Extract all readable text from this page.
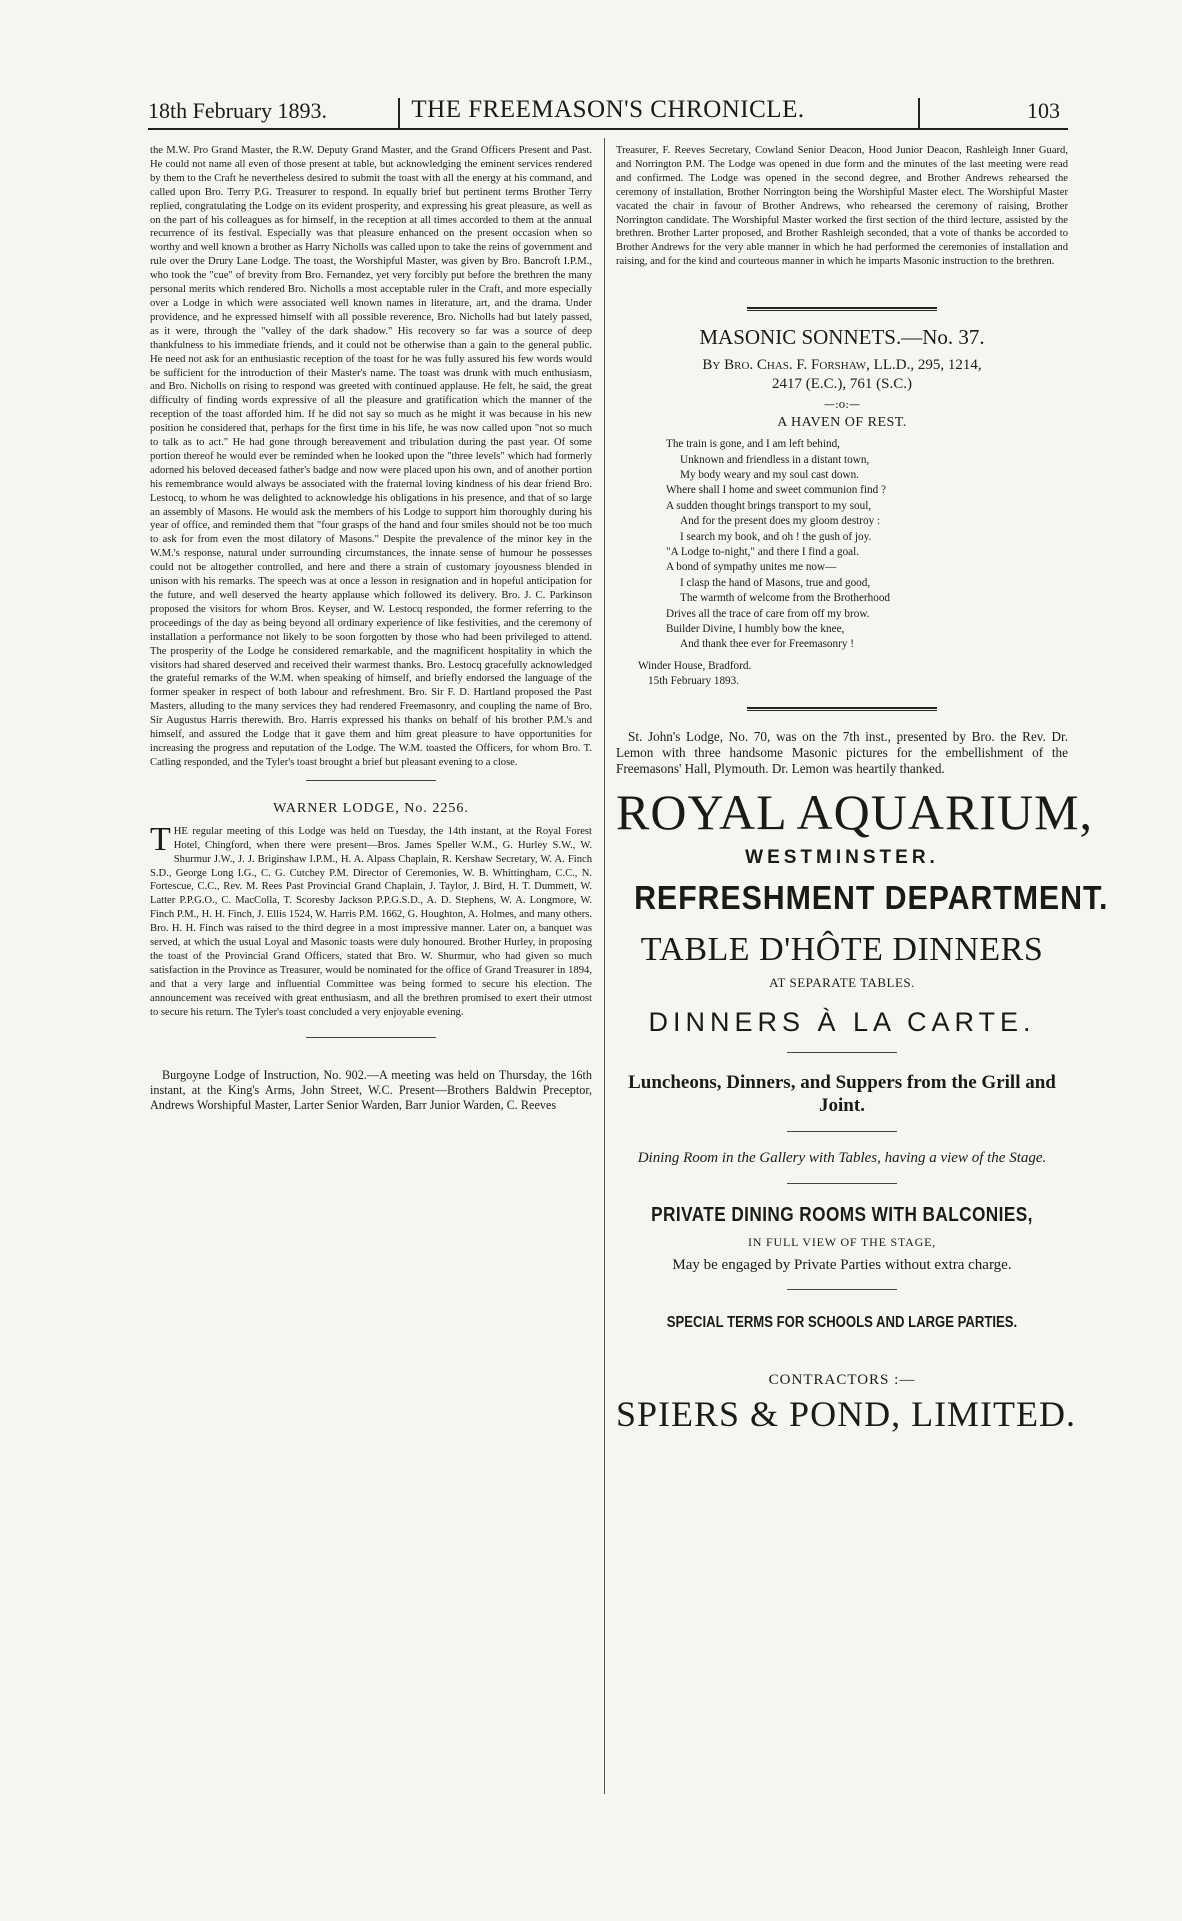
18th February 1893.	THE FREEMASON'S CHRONICLE.	103

the M.W. Pro Grand Master, the R.W. Deputy Grand Master, and the Grand Officers Present and Past. He could not name all even of those present at table, but acknowledging the eminent services rendered by them to the Craft he nevertheless desired to submit the toast with all the energy at his command, and called upon Bro. Terry P.G. Treasurer to respond. In equally brief but pertinent terms Brother Terry replied, congratulating the Lodge on its evident prosperity, and expressing his great pleasure, as well as on the part of his colleagues as for himself, in the reception at all times accorded to them at the annual recurrence of its festival. Especially was that pleasure enhanced on the present occasion when so worthy and well known a brother as Harry Nicholls was called upon to take the reins of government and rule over the Drury Lane Lodge. The toast, the Worshipful Master, was given by Bro. Bancroft I.P.M., who took the "cue" of brevity from Bro. Fernandez, yet very forcibly put before the brethren the many personal merits which rendered Bro. Nicholls a most acceptable ruler in the Craft, and more especially over a Lodge in which were associated well known names in literature, art, and the drama. Under providence, and he expressed himself with all possible reverence, Bro. Nicholls had but lately passed, as it were, through the "valley of the dark shadow." His recovery so far was a source of deep thankfulness to his immediate friends, and it could not be otherwise than a gain to the general public. He need not ask for an enthusiastic reception of the toast for he was fully assured his few words would be sufficient for the introduction of their Master's name. The toast was drunk with much enthusiasm, and Bro. Nicholls on rising to respond was greeted with continued applause. He felt, he said, the great difficulty of finding words expressive of all the pleasure and gratification which the manner of the reception of the toast afforded him. If he did not say so much as he might it was because in his new position he considered that, perhaps for the first time in his life, he was now called upon "not so much to talk as to act." He had gone through bereavement and tribulation during the past year. Of some portion thereof he would ever be reminded when he looked upon the "three levels" which had formerly adorned his beloved deceased father's badge and now were placed upon his own, and of another portion his remembrance would always be associated with the fraternal loving kindness of his dear friend Bro. Lestocq, to whom he was delighted to acknowledge his obligations in his presence, and that of so large an assembly of Masons. He would ask the members of his Lodge to support him thoroughly during his year of office, and reminded them that "four grasps of the hand and four smiles should not be too much to ask for from even the most dilatory of Masons." Despite the prevalence of the minor key in the W.M.'s response, natural under surrounding circumstances, the innate sense of humour he possesses could not be altogether controlled, and here and there a strain of customary joyousness blended in unison with his remarks. The speech was at once a lesson in resignation and in hopeful anticipation for the future, and well deserved the hearty applause which followed its delivery. Bro. J. C. Parkinson proposed the visitors for whom Bros. Keyser, and W. Lestocq responded, the former referring to the proceedings of the day as being beyond all ordinary experience of like festivities, and the ceremony of installation a performance not likely to be soon forgotten by those who had been privileged to attend. The prosperity of the Lodge he considered remarkable, and the magnificent hospitality in which the visitors had shared deserved and received their warmest thanks. Bro. Lestocq gracefully acknowledged the grateful remarks of the W.M. when speaking of himself, and briefly endorsed the language of the former speaker in respect of both labour and refreshment. Bro. Sir F. D. Hartland proposed the Past Masters, alluding to the many services they had rendered Freemasonry, and coupling the name of Bro. Sir Augustus Harris therewith. Bro. Harris expressed his thanks on behalf of his brother P.M.'s and himself, and assured the Lodge that it gave them and him great pleasure to have opportunities for increasing the progress and reputation of the Lodge. The W.M. toasted the Officers, for whom Bro. T. Catling responded, and the Tyler's toast brought a brief but pleasant evening to a close.

WARNER LODGE, No. 2256.
THE regular meeting of this Lodge was held on Tuesday, the 14th instant, at the Royal Forest Hotel, Chingford, when there were present—Bros. James Speller W.M., G. Hurley S.W., W. Shurmur J.W., J. J. Briginshaw I.P.M., H. A. Alpass Chaplain, R. Kershaw Secretary, W. A. Finch S.D., George Long I.G., C. G. Cutchey P.M. Director of Ceremonies, W. B. Whittingham, C.C., N. Fortescue, C.C., Rev. M. Rees Past Provincial Grand Chaplain, J. Taylor, J. Bird, H. T. Dummett, W. Latter P.P.G.O., C. MacColla, T. Scoresby Jackson P.P.G.S.D., A. D. Stephens, W. A. Longmore, W. Finch P.M., H. H. Finch, J. Ellis 1524, W. Harris P.M. 1662, G. Houghton, A. Holmes, and many others. Bro. H. H. Finch was raised to the third degree in a most impressive manner. Later on, a banquet was served, at which the usual Loyal and Masonic toasts were duly honoured. Brother Hurley, in proposing the toast of the Provincial Grand Officers, stated that Bro. W. Shurmur, who had given so much satisfaction in the Province as Treasurer, would be nominated for the office of Grand Treasurer in 1894, and that a very large and influential Committee was being formed to secure his election. The announcement was received with great enthusiasm, and all the brethren promised to exert their utmost to secure his return. The Tyler's toast concluded a very enjoyable evening.
Burgoyne Lodge of Instruction, No. 902.—A meeting was held on Thursday, the 16th instant, at the King's Arms, John Street, W.C. Present—Brothers Baldwin Preceptor, Andrews Worshipful Master, Larter Senior Warden, Barr Junior Warden, C. Reeves

Treasurer, F. Reeves Secretary, Cowland Senior Deacon, Hood Junior Deacon, Rashleigh Inner Guard, and Norrington P.M. The Lodge was opened in due form and the minutes of the last meeting were read and confirmed. The Lodge was opened in the second degree, and Brother Andrews rehearsed the ceremony of installation, Brother Norrington being the Worshipful Master elect. The Worshipful Master vacated the chair in favour of Brother Andrews, who rehearsed the ceremony of raising, Brother Norrington candidate. The Worshipful Master worked the first section of the third lecture, assisted by the brethren. Brother Larter proposed, and Brother Rashleigh seconded, that a vote of thanks be accorded to Brother Andrews for the very able manner in which he had performed the ceremonies of installation and raising, and for the kind and courteous manner in which he imparts Masonic instruction to the brethren.

MASONIC SONNETS.—No. 37.
By Bro. Chas. F. Forshaw, LL.D., 295, 1214,
2417 (E.C.), 761 (S.C.)
—:o:—
A HAVEN OF REST.
The train is gone, and I am left behind,
Unknown and friendless in a distant town,
My body weary and my soul cast down.
Where shall I home and sweet communion find ?
A sudden thought brings transport to my soul,
And for the present does my gloom destroy :
I search my book, and oh ! the gush of joy.
"A Lodge to-night," and there I find a goal.
A bond of sympathy unites me now—
I clasp the hand of Masons, true and good,
The warmth of welcome from the Brotherhood
Drives all the trace of care from off my brow.
Builder Divine, I humbly bow the knee,
And thank thee ever for Freemasonry !
Winder House, Bradford.
15th February 1893.
St. John's Lodge, No. 70, was on the 7th inst., presented by Bro. the Rev. Dr. Lemon with three handsome Masonic pictures for the embellishment of the Freemasons' Hall, Plymouth. Dr. Lemon was heartily thanked.
ROYAL AQUARIUM,
WESTMINSTER.
REFRESHMENT DEPARTMENT.
TABLE D'HÔTE DINNERS
AT SEPARATE TABLES.
DINNERS À LA CARTE.
Luncheons, Dinners, and Suppers from the Grill and Joint.
Dining Room in the Gallery with Tables, having a view of the Stage.
PRIVATE DINING ROOMS WITH BALCONIES,
IN FULL VIEW OF THE STAGE,
May be engaged by Private Parties without extra charge.
SPECIAL TERMS FOR SCHOOLS AND LARGE PARTIES.
CONTRACTORS :—
SPIERS & POND, LIMITED.
